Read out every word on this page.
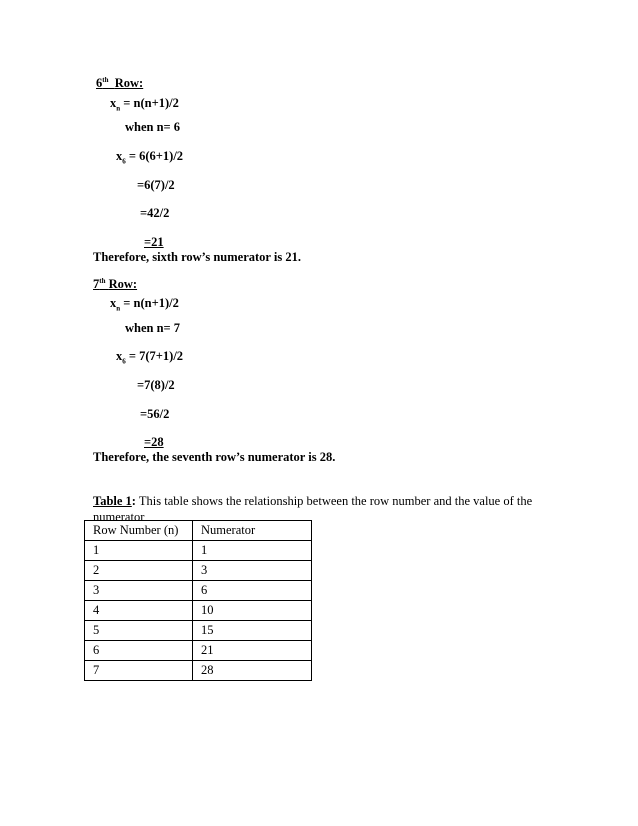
6th Row:
$x_n = n(n+1)/2$
when n= 6
$x_6 = 6(6+1)/2$
=6(7)/2
=42/2
=21
Therefore, sixth row’s numerator is 21.
7th Row:
$x_n = n(n+1)/2$
when n= 7
$x_6 = 7(7+1)/2$
=7(8)/2
=56/2
=28
Therefore, the seventh row’s numerator is 28.
Table 1: This table shows the relationship between the row number and the value of the numerator
Row Number (n)	Numerator
1	1
2	3
3	6
4	10
5	15
6	21
7	28
